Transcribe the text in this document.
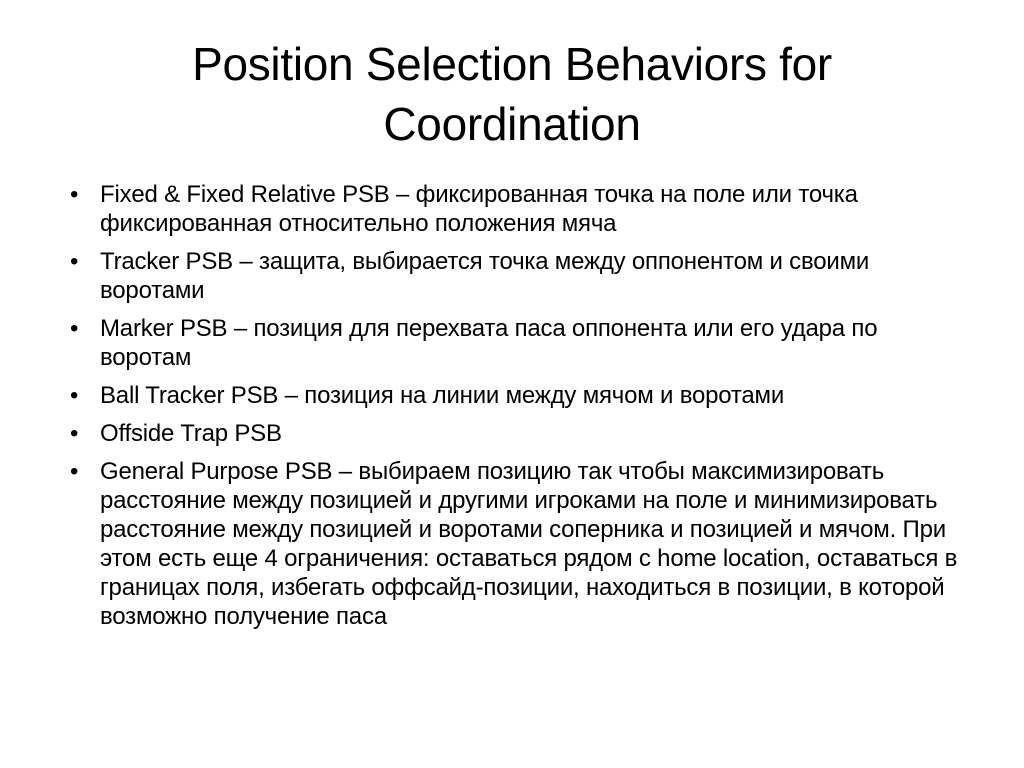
Position Selection Behaviors for Coordination
• Fixed & Fixed Relative PSB – фиксированная точка на поле или точка фиксированная относительно положения мяча
• Tracker PSB – защита, выбирается точка между оппонентом и своими воротами
• Marker PSB – позиция для перехвата паса оппонента или его удара по воротам
• Ball Tracker PSB – позиция на линии между мячом и воротами
• Offside Trap PSB
• General Purpose PSB – выбираем позицию так чтобы максимизировать расстояние между позицией и другими игроками на поле и минимизировать расстояние между позицией и воротами соперника и позицией и мячом. При этом есть еще 4 ограничения: оставаться рядом с home location, оставаться в границах поля, избегать оффсайд-позиции, находиться в позиции, в которой возможно получение паса
